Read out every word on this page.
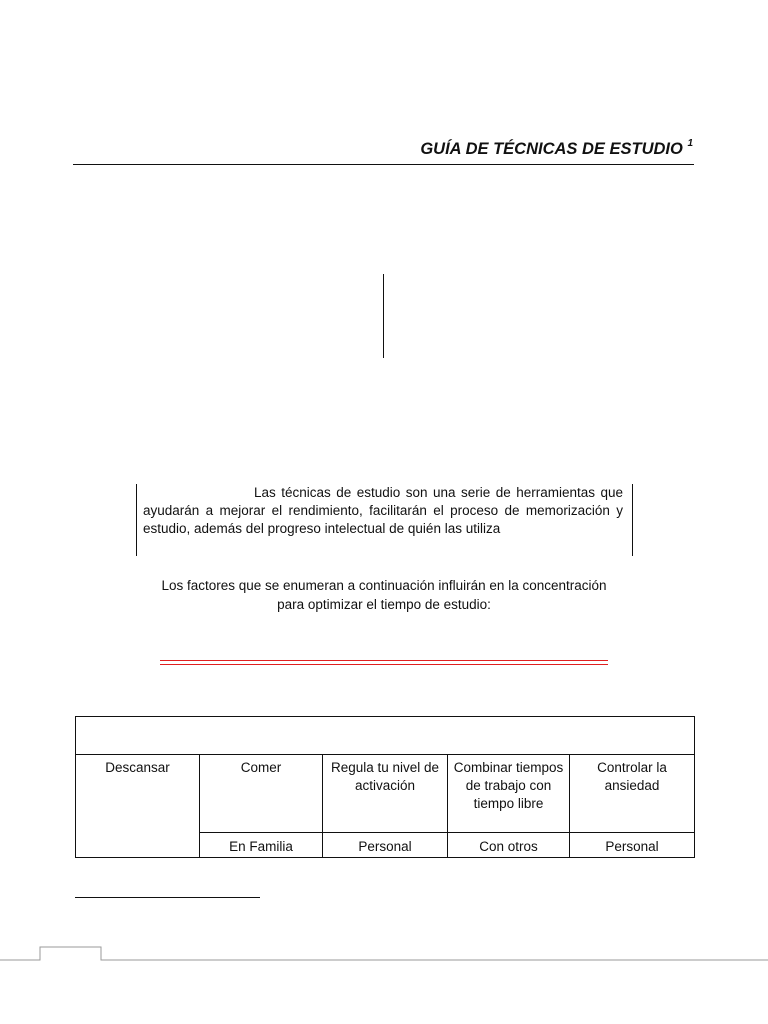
GUÍA DE TÉCNICAS DE ESTUDIO $^1$

Las técnicas de estudio son una serie de herramientas que ayudarán a mejorar el rendimiento, facilitarán el proceso de memorización y estudio, además del progreso intelectual de quién las utiliza

Los factores que se enumeran a continuación influirán en la concentración para optimizar el tiempo de estudio:

Descansar	Comer	Regula tu nivel de activación	Combinar tiempos de trabajo con tiempo libre	Controlar la ansiedad
	En Familia	Personal	Con otros	Personal
